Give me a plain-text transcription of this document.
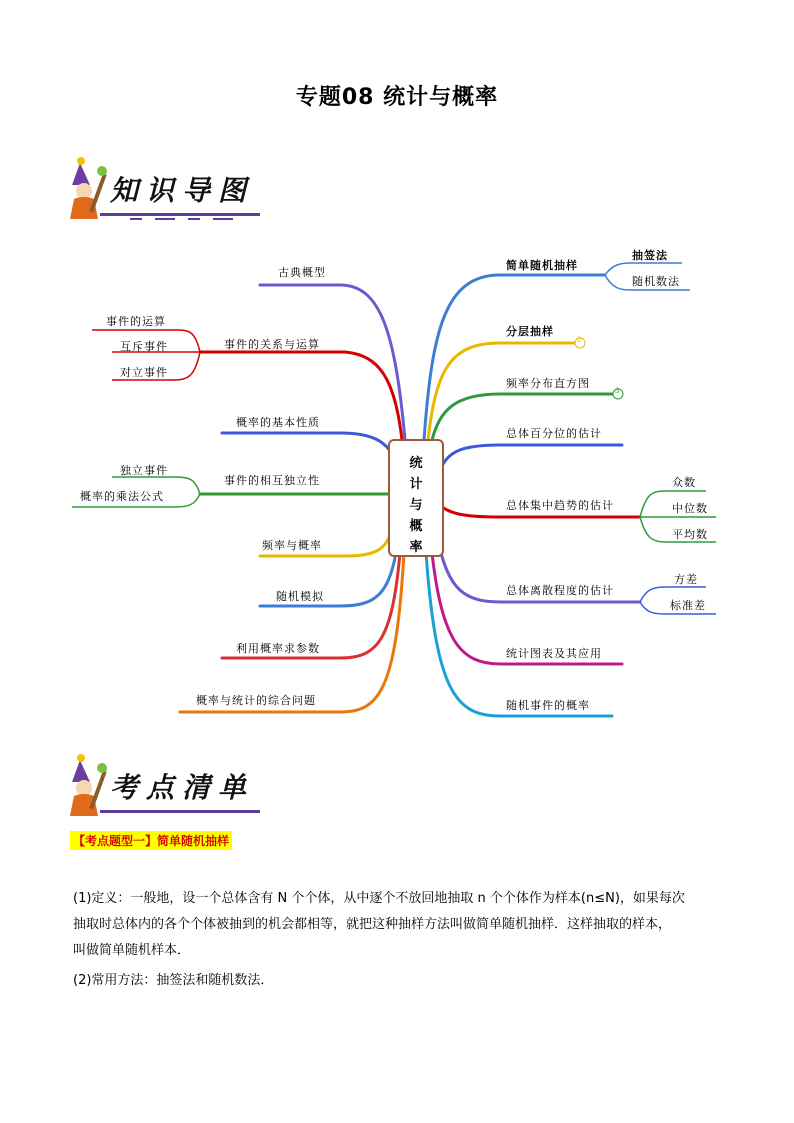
专题08 统计与概率
知识导图
统
计
与
概
率
古典概型
事件的关系与运算
事件的运算
互斥事件
对立事件
概率的基本性质
事件的相互独立性
独立事件
概率的乘法公式
频率与概率
随机模拟
利用概率求参数
概率与统计的综合问题
简单随机抽样
抽签法
随机数法
分层抽样
2
频率分布直方图
3
总体百分位的估计
总体集中趋势的估计
众数
中位数
平均数
总体离散程度的估计
方差
标准差
统计图表及其应用
随机事件的概率
考点清单
【考点题型一】简单随机抽样
(1)定义：一般地，设一个总体含有 N 个个体，从中逐个不放回地抽取 n 个个体作为样本(n≤N)，如果每次
抽取时总体内的各个个体被抽到的机会都相等，就把这种抽样方法叫做简单随机抽样．这样抽取的样本，
叫做简单随机样本．
(2)常用方法：抽签法和随机数法．
